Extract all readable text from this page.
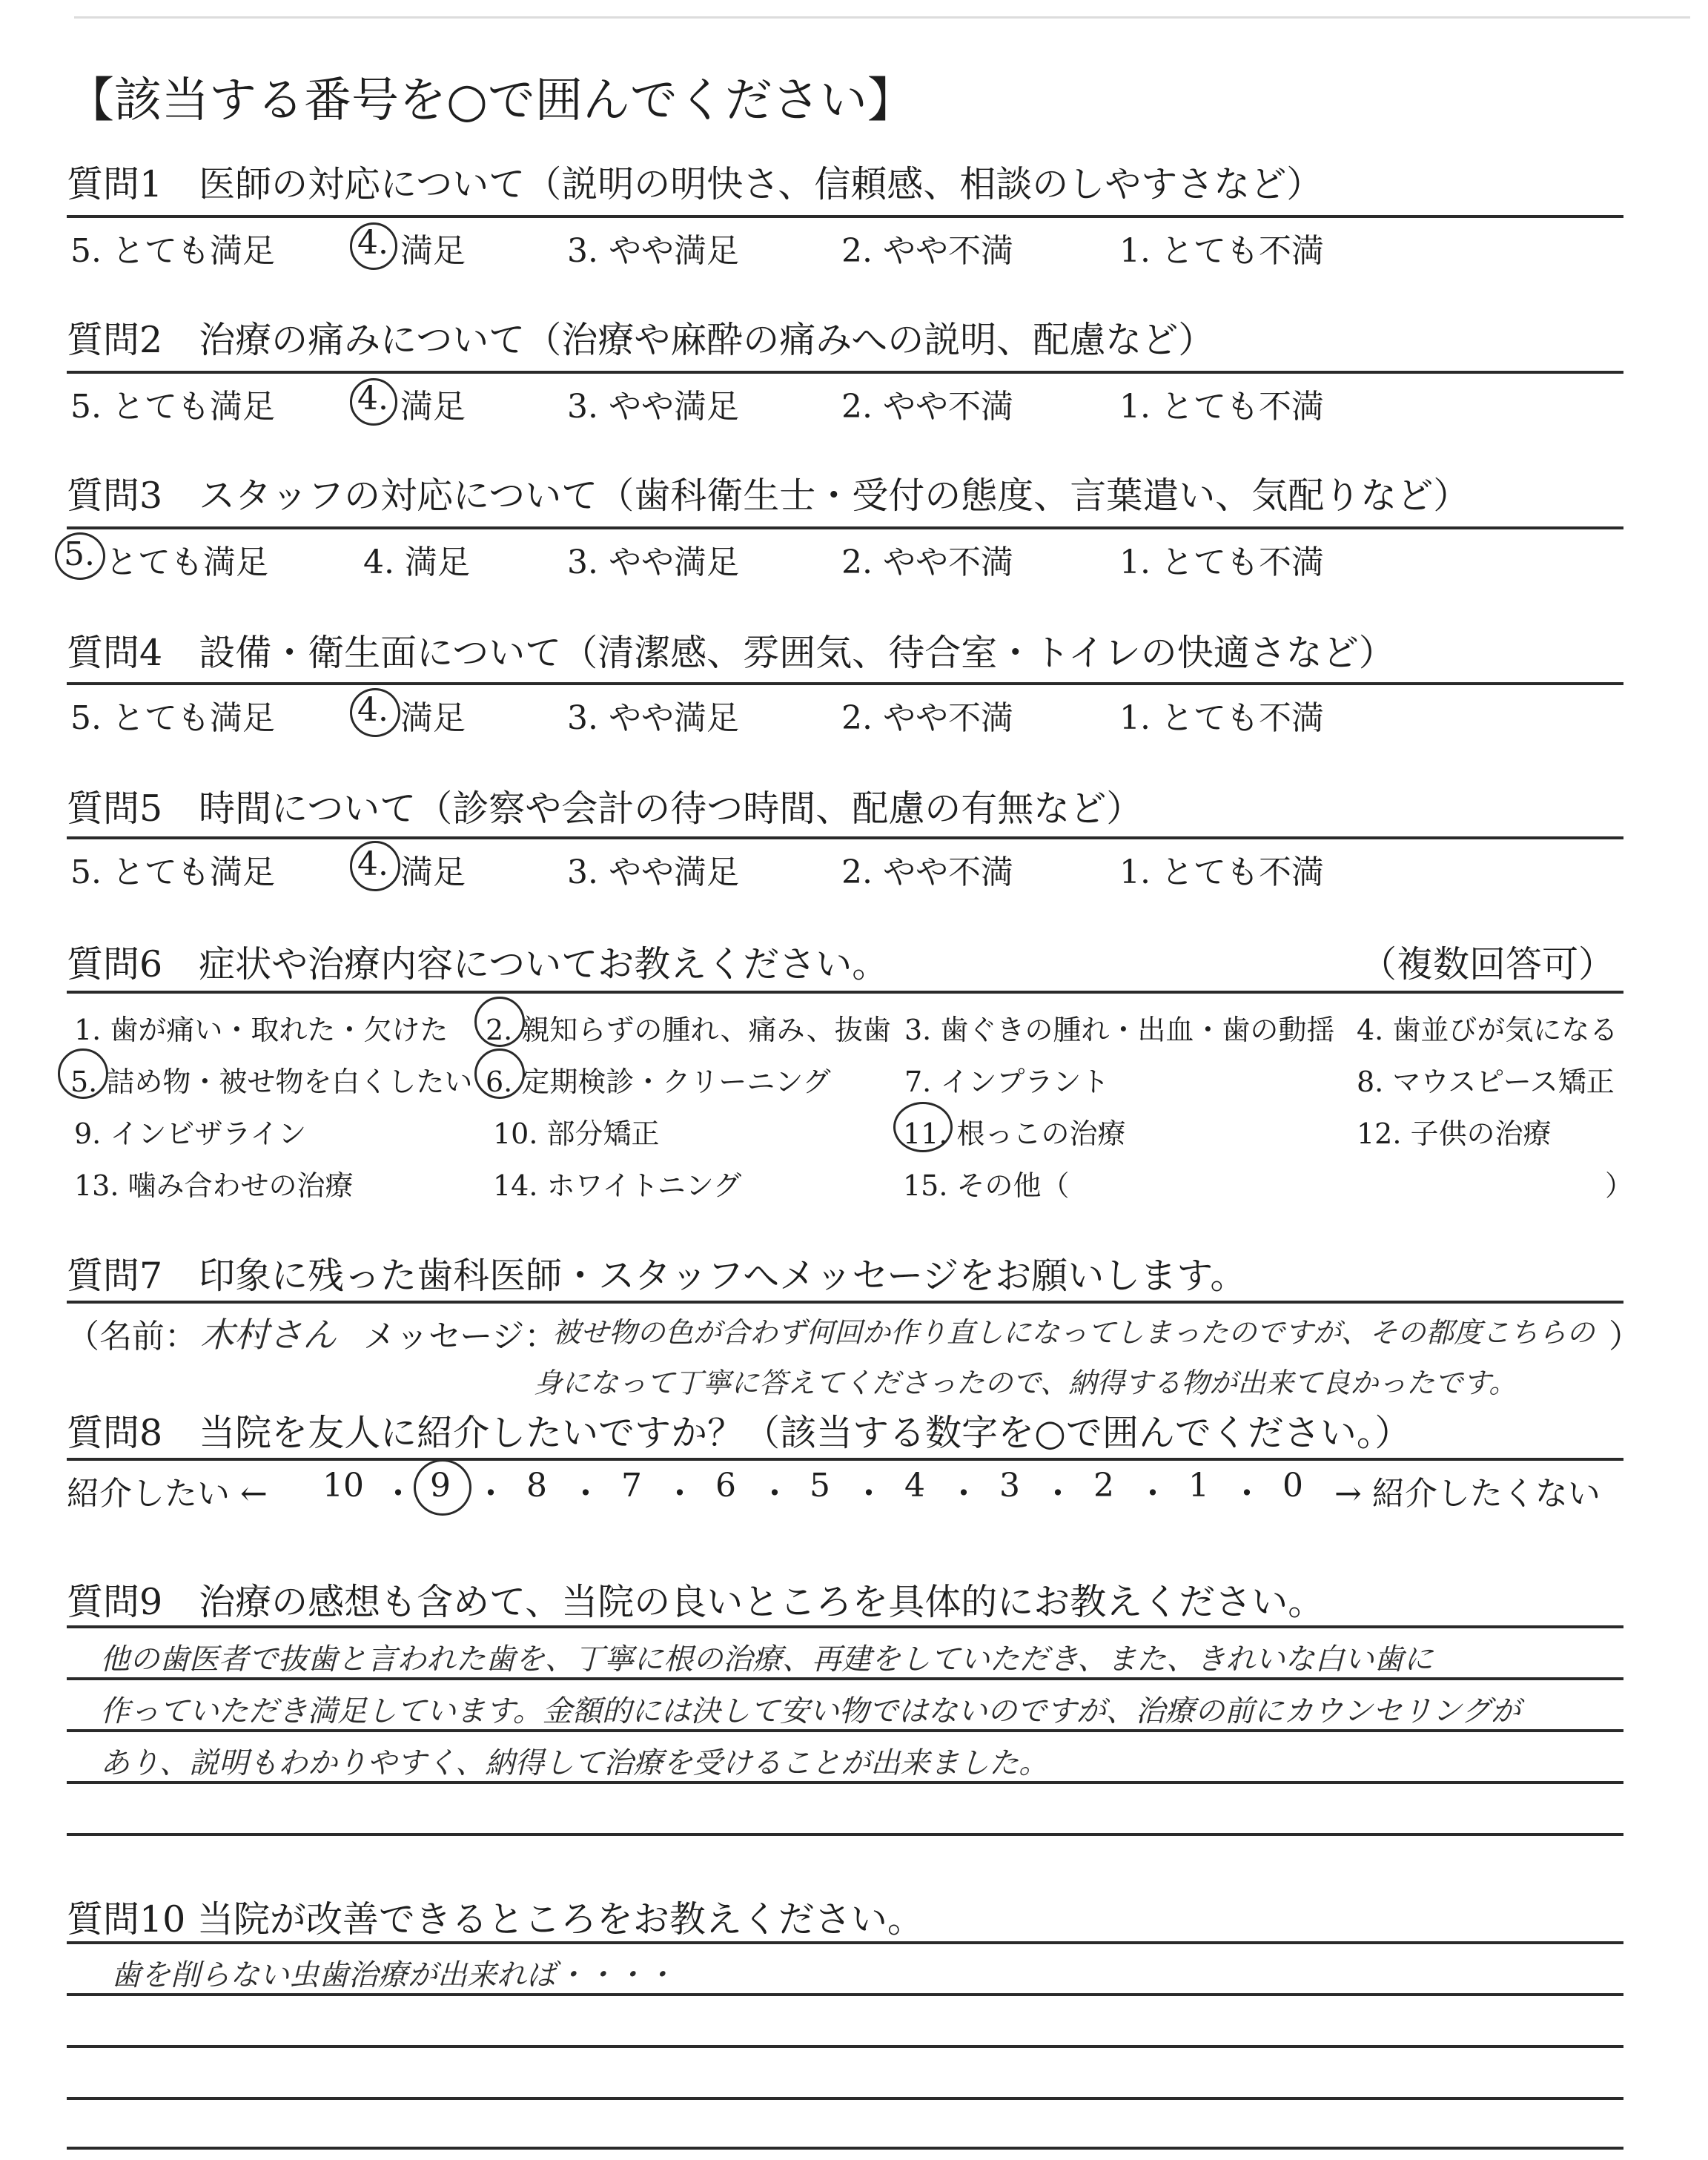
【該当する番号を○で囲んでください】
質問1　医師の対応について（説明の明快さ、信頼感、相談のしやすさなど）
5. とても満足	4. 満足	3. やや満足	2. やや不満	1. とても不満
質問2　治療の痛みについて（治療や麻酔の痛みへの説明、配慮など）
5. とても満足	4. 満足	3. やや満足	2. やや不満	1. とても不満
質問3　スタッフの対応について（歯科衛生士・受付の態度、言葉遣い、気配りなど）
5. とても満足	4. 満足	3. やや満足	2. やや不満	1. とても不満
質問4　設備・衛生面について（清潔感、雰囲気、待合室・トイレの快適さなど）
5. とても満足	4. 満足	3. やや満足	2. やや不満	1. とても不満
質問5　時間について（診察や会計の待つ時間、配慮の有無など）
5. とても満足	4. 満足	3. やや満足	2. やや不満	1. とても不満
質問6　症状や治療内容についてお教えください。	（複数回答可）
1. 歯が痛い・取れた・欠けた 2. 親知らずの腫れ、痛み、抜歯 3. 歯ぐきの腫れ・出血・歯の動揺 4. 歯並びが気になる
5. 詰め物・被せ物を白くしたい 6. 定期検診・クリーニング	7. インプラント	8. マウスピース矯正
9. インビザライン	10. 部分矯正	11. 根っこの治療	12. 子供の治療
13. 噛み合わせの治療	14. ホワイトニング	15. その他（	）
質問7　印象に残った歯科医師・スタッフへメッセージをお願いします。
（名前： 木村さん メッセージ：
被せ物の色が合わず何回か作り直しになってしまったのですが、その都度こちらの ）
身になって丁寧に答えてくださったので、納得する物が出来て良かったです。
質問8　当院を友人に紹介したいですか？（該当する数字を○で囲んでください。）
紹介したい ← 10 9 8 7 6 5 4 3 2 1 0
・ ・ ・ ・ ・ ・ ・ ・ ・ ・ → 紹介したくない
質問9　治療の感想も含めて、当院の良いところを具体的にお教えください。
他の歯医者で抜歯と言われた歯を、丁寧に根の治療、再建をしていただき、また、きれいな白い歯に
作っていただき満足しています。金額的には決して安い物ではないのですが、治療の前にカウンセリングが
あり、説明もわかりやすく、納得して治療を受けることが出来ました。
質問10 当院が改善できるところをお教えください。
歯を削らない虫歯治療が出来れば・・・・
